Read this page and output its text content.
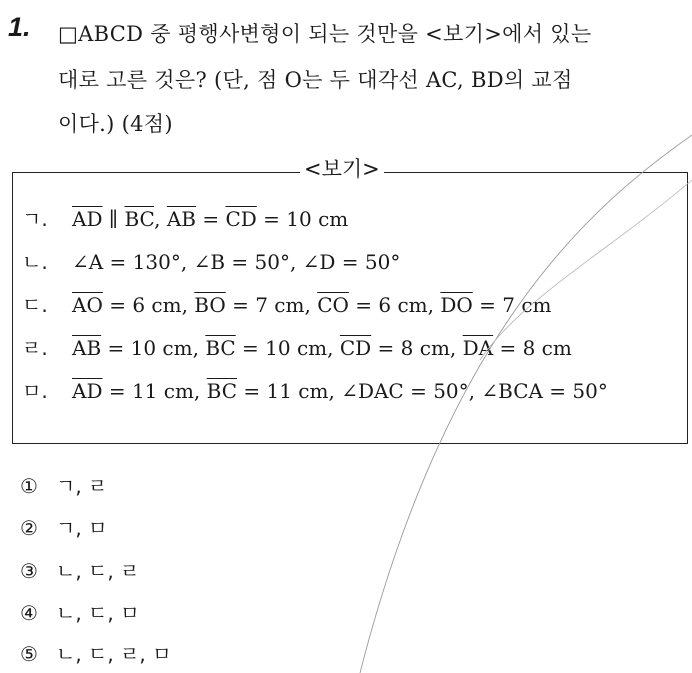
1. □ABCD 중 평행사변형이 되는 것만을 <보기>에서 있는
대로 고른 것은? (단, 점 O는 두 대각선 AC, BD의 교점
이다.) (4점)
<보기>
ㄱ.	$\overline{AD}$ ∥ $\overline{BC}$, $\overline{AB} = \overline{CD} = 10$ cm
ㄴ.	∠A = 130°, ∠B = 50°, ∠D = 50°
ㄷ.	$\overline{AO} = 6$ cm, $\overline{BO} = 7$ cm, $\overline{CO} = 6$ cm, $\overline{DO} = 7$ cm
ㄹ.	$\overline{AB} = 10$ cm, $\overline{BC} = 10$ cm, $\overline{CD} = 8$ cm, $\overline{DA} = 8$ cm
ㅁ.	$\overline{AD} = 11$ cm, $\overline{BC} = 11$ cm, ∠DAC = 50°, ∠BCA = 50°
① ㄱ, ㄹ
② ㄱ, ㅁ
③ ㄴ, ㄷ, ㄹ
④ ㄴ, ㄷ, ㅁ
⑤ ㄴ, ㄷ, ㄹ, ㅁ
